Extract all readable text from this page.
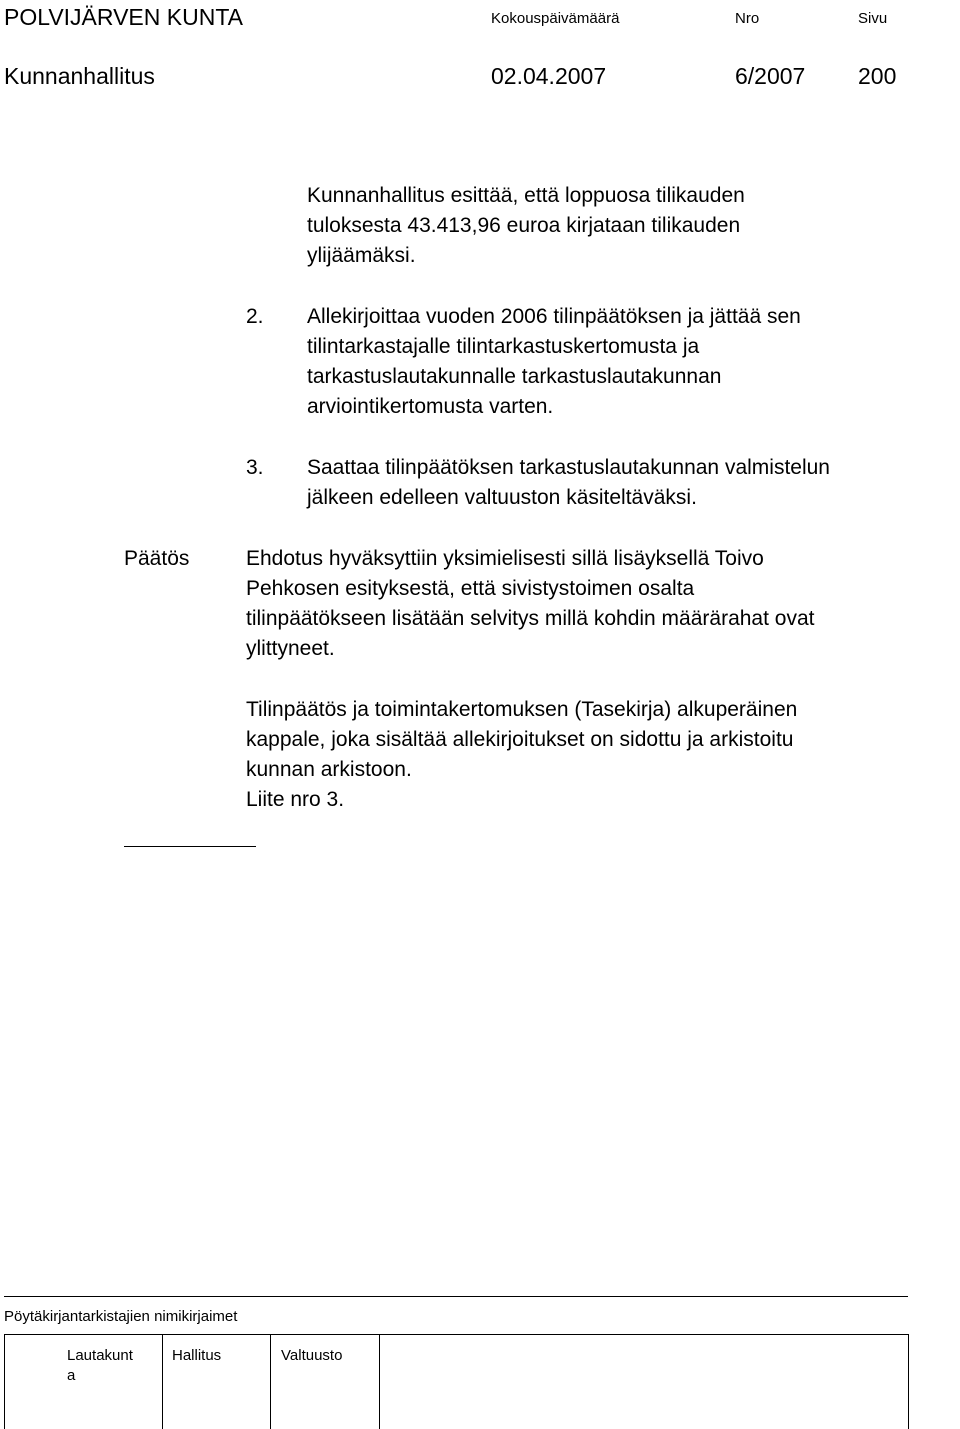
POLVIJÄRVEN KUNTA	Kokouspäivämäärä	Nro	Sivu
Kunnanhallitus	02.04.2007	6/2007 200
Kunnanhallitus esittää, että loppuosa tilikauden
tuloksesta 43.413,96 euroa kirjataan tilikauden
ylijäämäksi.
2. Allekirjoittaa vuoden 2006 tilinpäätöksen ja jättää sen
tilintarkastajalle tilintarkastuskertomusta ja
tarkastuslautakunnalle tarkastuslautakunnan
arviointikertomusta varten.
3. Saattaa tilinpäätöksen tarkastuslautakunnan valmistelun
jälkeen edelleen valtuuston käsiteltäväksi.
Päätös	Ehdotus hyväksyttiin yksimielisesti sillä lisäyksellä Toivo
Pehkosen esityksestä, että sivistystoimen osalta
tilinpäätökseen lisätään selvitys millä kohdin määrärahat ovat
ylittyneet.
Tilinpäätös ja toimintakertomuksen (Tasekirja) alkuperäinen
kappale, joka sisältää allekirjoitukset on sidottu ja arkistoitu
kunnan arkistoon.
Liite nro 3.
Pöytäkirjantarkistajien nimikirjaimet
Lautakunt
a
Hallitus	Valtuusto
